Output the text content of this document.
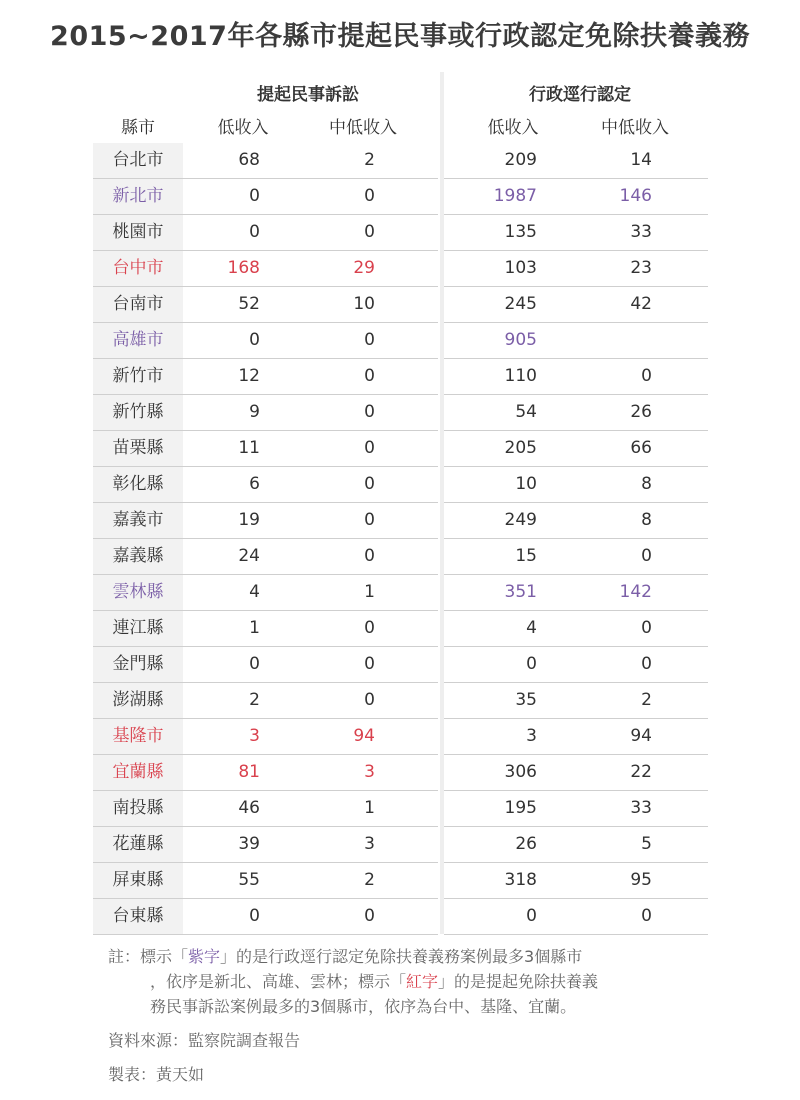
2015~2017年各縣市提起民事或行政認定免除扶養義務
提起民事訴訟	行政逕行認定
縣市	低收入	中低收入	低收入	中低收入
台北市	68	2	209	14
新北市	0	0	1987	146
桃園市	0	0	135	33
台中市	168	29	103	23
台南市	52	10	245	42
高雄市	0	0	905
新竹市	12	0	110	0
新竹縣	9	0	54	26
苗栗縣	11	0	205	66
彰化縣	6	0	10	8
嘉義市	19	0	249	8
嘉義縣	24	0	15	0
雲林縣	4	1	351	142
連江縣	1	0	4	0
金門縣	0	0	0	0
澎湖縣	2	0	35	2
基隆市	3	94	3	94
宜蘭縣	81	3	306	22
南投縣	46	1	195	33
花蓮縣	39	3	26	5
屏東縣	55	2	318	95
台東縣	0	0	0	0
註：標示「紫字」的是行政逕行認定免除扶養義務案例最多3個縣市
，依序是新北、高雄、雲林；標示「紅字」的是提起免除扶養義
務民事訴訟案例最多的3個縣市，依序為台中、基隆、宜蘭。
資料來源：監察院調查報告
製表：黃天如
